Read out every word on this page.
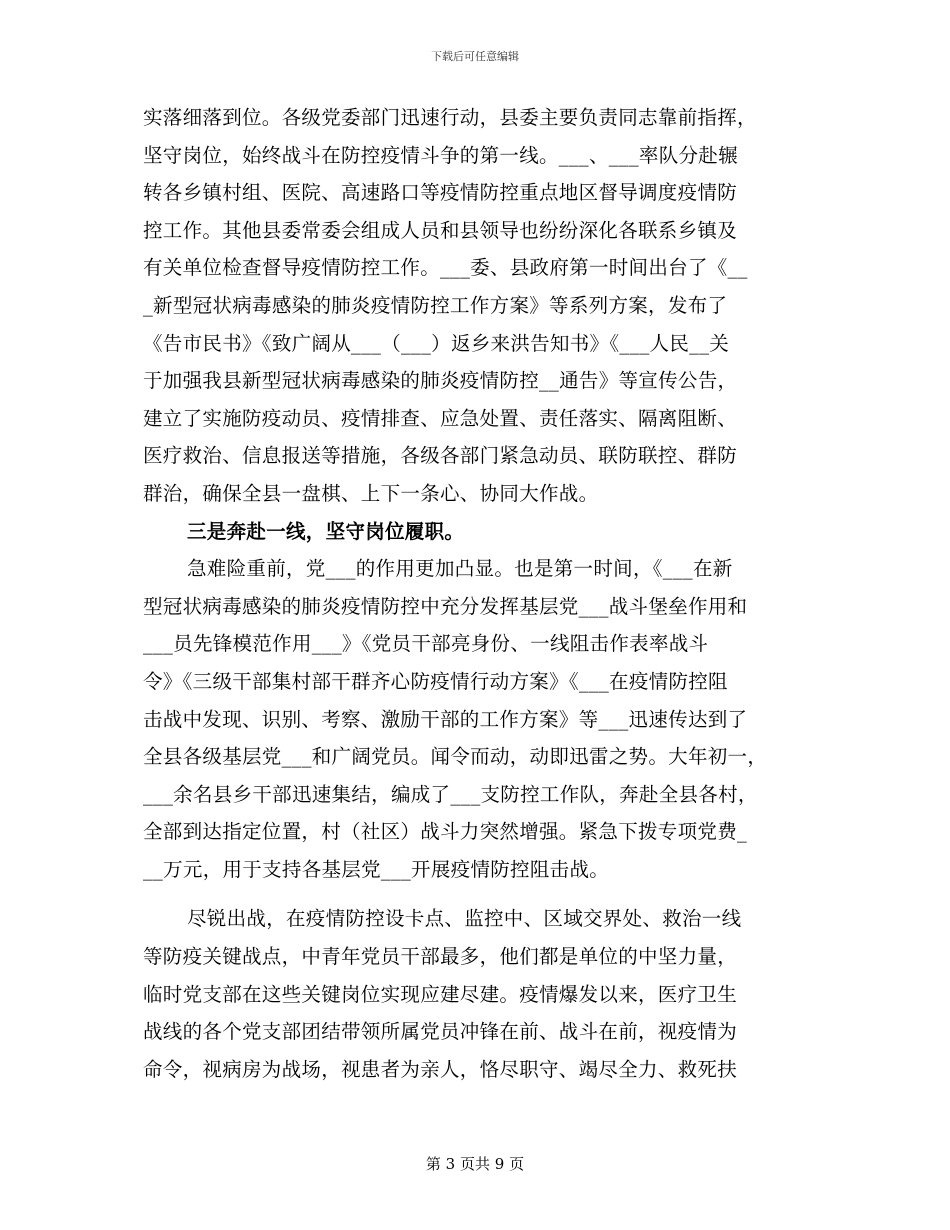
下载后可任意编辑
实落细落到位。各级党委部门迅速行动，县委主要负责同志靠前指挥，
坚守岗位，始终战斗在防控疫情斗争的第一线。___、___率队分赴辗
转各乡镇村组、医院、高速路口等疫情防控重点地区督导调度疫情防
控工作。其他县委常委会组成人员和县领导也纷纷深化各联系乡镇及
有关单位检查督导疫情防控工作。___委、县政府第一时间出台了《__
_新型冠状病毒感染的肺炎疫情防控工作方案》等系列方案，发布了
《告市民书》《致广阔从___（___）返乡来洪告知书》《___人民__关
于加强我县新型冠状病毒感染的肺炎疫情防控__通告》等宣传公告，
建立了实施防疫动员、疫情排查、应急处置、责任落实、隔离阻断、
医疗救治、信息报送等措施，各级各部门紧急动员、联防联控、群防
群治，确保全县一盘棋、上下一条心、协同大作战。
三是奔赴一线，坚守岗位履职。
急难险重前，党___的作用更加凸显。也是第一时间，《___在新
型冠状病毒感染的肺炎疫情防控中充分发挥基层党___战斗堡垒作用和
___员先锋模范作用___》《党员干部亮身份、一线阻击作表率战斗
令》《三级干部集村部干群齐心防疫情行动方案》《___在疫情防控阻
击战中发现、识别、考察、激励干部的工作方案》等___迅速传达到了
全县各级基层党___和广阔党员。闻令而动，动即迅雷之势。大年初一，
___余名县乡干部迅速集结，编成了___支防控工作队，奔赴全县各村，
全部到达指定位置，村（社区）战斗力突然增强。紧急下拨专项党费_
__万元，用于支持各基层党___开展疫情防控阻击战。
尽锐出战，在疫情防控设卡点、监控中、区域交界处、救治一线
等防疫关键战点，中青年党员干部最多，他们都是单位的中坚力量，
临时党支部在这些关键岗位实现应建尽建。疫情爆发以来，医疗卫生
战线的各个党支部团结带领所属党员冲锋在前、战斗在前，视疫情为
命令，视病房为战场，视患者为亲人，恪尽职守、竭尽全力、救死扶
第 3 页共 9 页
